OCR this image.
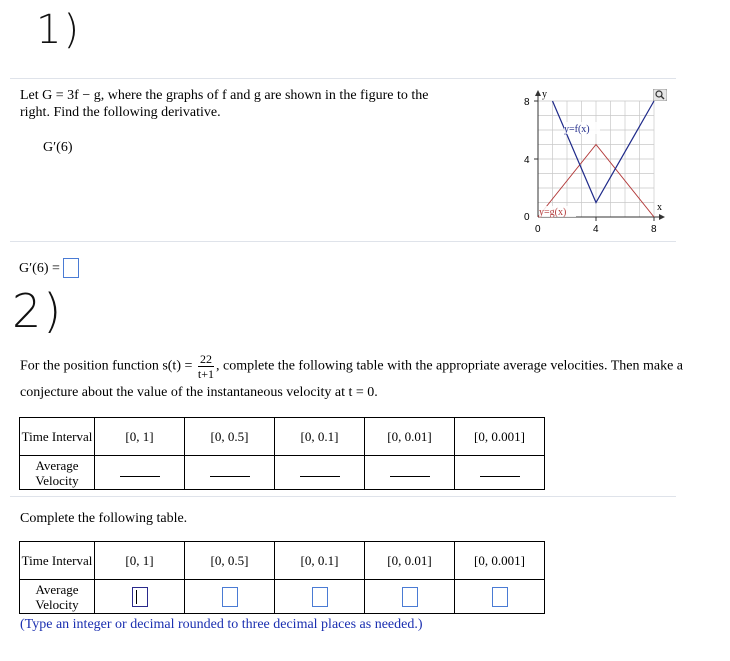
1)
Let G = 3f − g, where the graphs of f and g are shown in the figure to the right. Find the following derivative.
G′(6)
y
x
8
4
0
0	4	8
y=f(x)
y=g(x)
G′(6) =
2)
For the position function $s(t) = \frac{22}{t+1}$ , complete the following table with the appropriate average velocities. Then make a
conjecture about the value of the instantaneous velocity at t = 0.
Time Interval	[0, 1]	[0, 0.5]	[0, 0.1]	[0, 0.01]	[0, 0.001]
Average Velocity					
Complete the following table.
Time Interval	[0, 1]	[0, 0.5]	[0, 0.1]	[0, 0.01]	[0, 0.001]
Average Velocity					
(Type an integer or decimal rounded to three decimal places as needed.)
